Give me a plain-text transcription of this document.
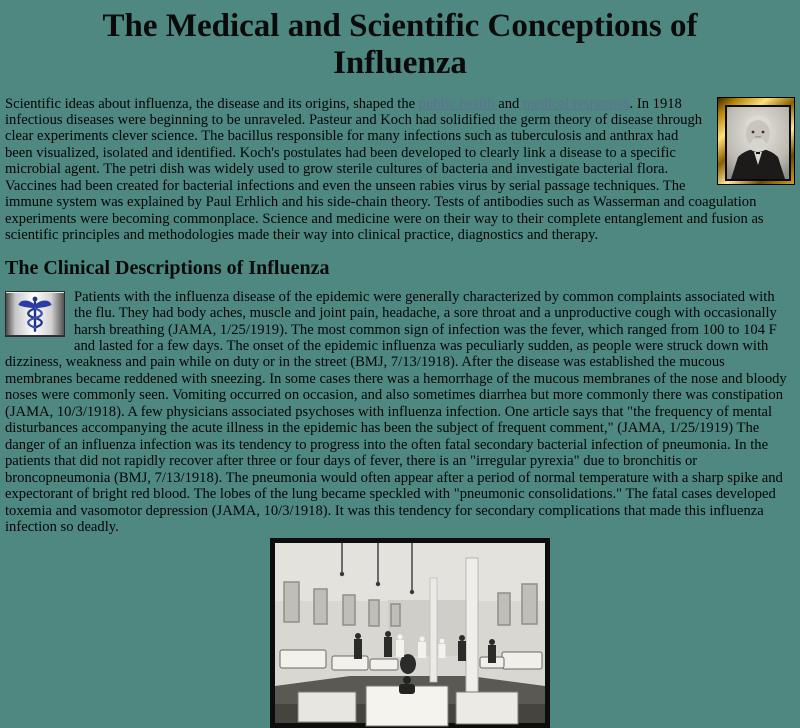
The Medical and Scientific Conceptions of Influenza

Scientific ideas about influenza, the disease and its origins, shaped the public health and medical responses. In 1918 infectious diseases were beginning to be unraveled. Pasteur and Koch had solidified the germ theory of disease through clear experiments clever science. The bacillus responsible for many infections such as tuberculosis and anthrax had been visualized, isolated and identified. Koch's postulates had been developed to clearly link a disease to a specific microbial agent. The petri dish was widely used to grow sterile cultures of bacteria and investigate bacterial flora. Vaccines had been created for bacterial infections and even the unseen rabies virus by serial passage techniques. The immune system was explained by Paul Erhlich and his side-chain theory. Tests of antibodies such as Wasserman and coagulation experiments were becoming commonplace. Science and medicine were on their way to their complete entanglement and fusion as scientific principles and methodologies made their way into clinical practice, diagnostics and therapy.

The Clinical Descriptions of Influenza

Patients with the influenza disease of the epidemic were generally characterized by common complaints associated with the flu. They had body aches, muscle and joint pain, headache, a sore throat and a unproductive cough with occasionally harsh breathing (JAMA, 1/25/1919). The most common sign of infection was the fever, which ranged from 100 to 104 F and lasted for a few days. The onset of the epidemic influenza was peculiarly sudden, as people were struck down with dizziness, weakness and pain while on duty or in the street (BMJ, 7/13/1918). After the disease was established the mucous membranes became reddened with sneezing. In some cases there was a hemorrhage of the mucous membranes of the nose and bloody noses were commonly seen. Vomiting occurred on occasion, and also sometimes diarrhea but more commonly there was constipation (JAMA, 10/3/1918). A few physicians associated psychoses with influenza infection. One article says that "the frequency of mental disturbances accompanying the acute illness in the epidemic has been the subject of frequent comment," (JAMA, 1/25/1919) The danger of an influenza infection was its tendency to progress into the often fatal secondary bacterial infection of pneumonia. In the patients that did not rapidly recover after three or four days of fever, there is an "irregular pyrexia" due to bronchitis or broncopneumonia (BMJ, 7/13/1918). The pneumonia would often appear after a period of normal temperature with a sharp spike and expectorant of bright red blood. The lobes of the lung became speckled with "pneumonic consolidations." The fatal cases developed toxemia and vasomotor depression (JAMA, 10/3/1918). It was this tendency for secondary complications that made this influenza infection so deadly.
